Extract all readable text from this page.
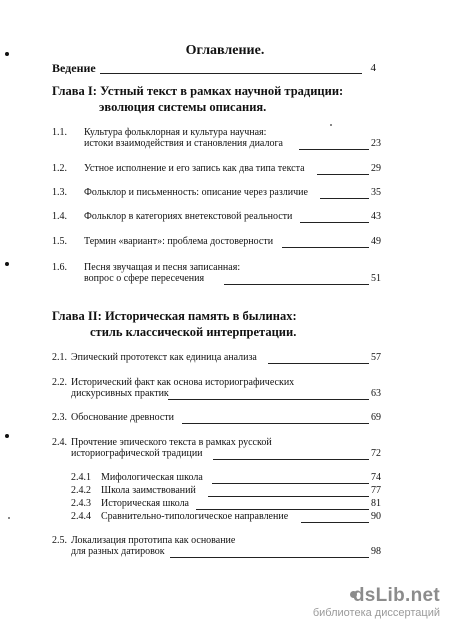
Оглавление.
Ведение	4
Глава I: Устный текст в рамках научной традиции:
эволюция системы описания.
1.1. Культура фольклорная и культура научная:
истоки взаимодействия и становления диалога	23
1.2. Устное исполнение и его запись как два типа текста	29
1.3. Фольклор и письменность: описание через различие	35
1.4. Фольклор в категориях внетекстовой реальности	43
1.5. Термин «вариант»: проблема достоверности	49
1.6. Песня звучащая и песня записанная:
вопрос о сфере пересечения	51
Глава II: Историческая память в былинах:
стиль классической интерпретации.
2.1. Эпический прототекст как единица анализа	57
2.2. Исторический факт как основа историографических
дискурсивных практик	63
2.3. Обоснование древности	69
2.4. Прочтение эпического текста в рамках русской
историографической традиции	72
2.4.1 Мифологическая школа	74
2.4.2 Школа заимствований	77
2.4.3 Историческая школа	81
2.4.4 Сравнительно-типологическое направление	90
2.5. Локализация прототипа как основание
для разных датировок	98
dsLib.net
библиотека диссертаций
